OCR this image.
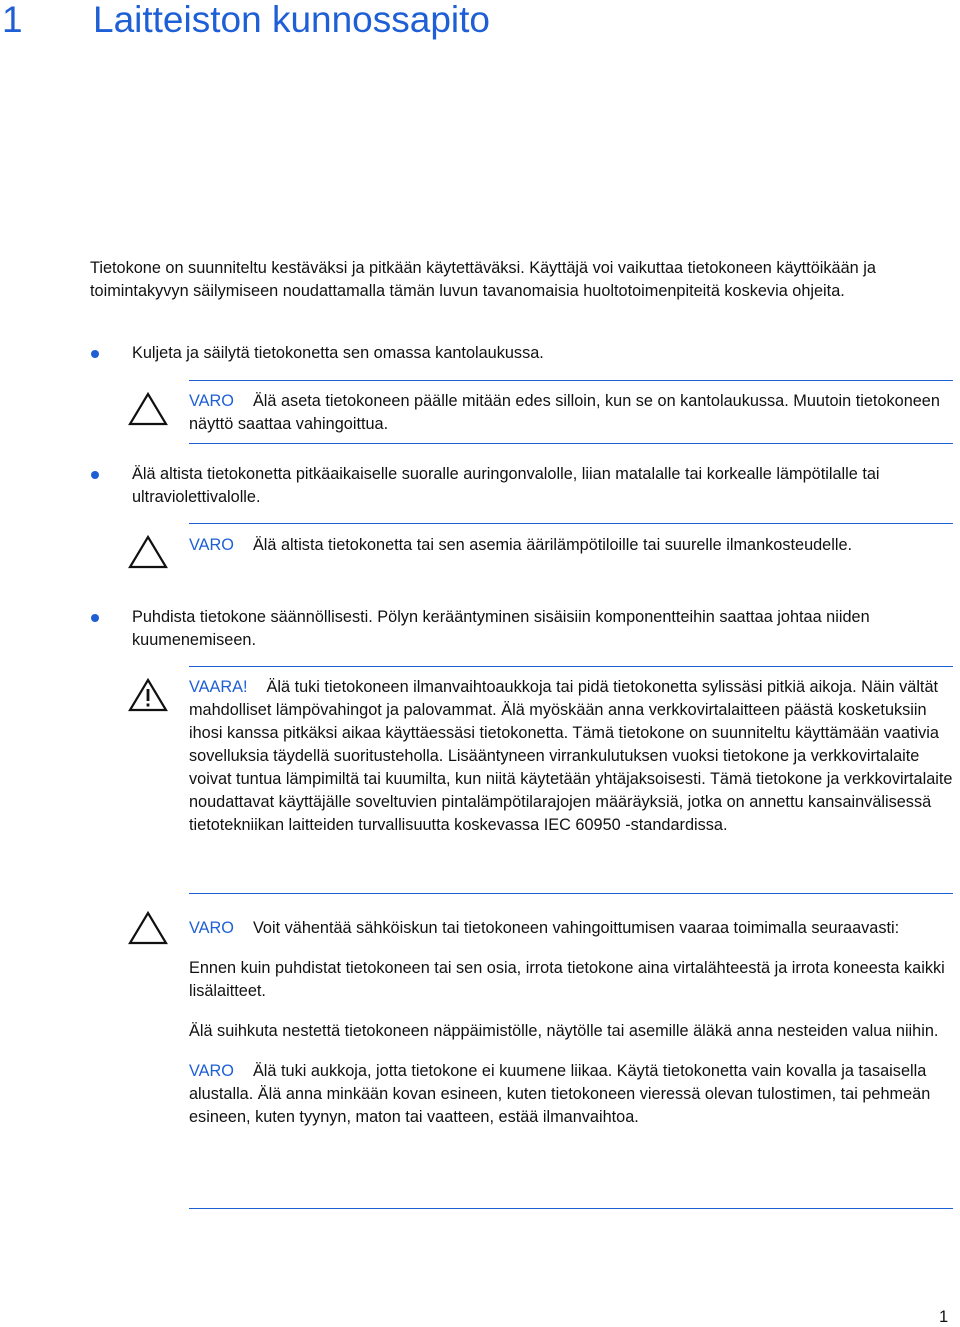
1 Laitteiston kunnossapito

Tietokone on suunniteltu kestäväksi ja pitkään käytettäväksi. Käyttäjä voi vaikuttaa tietokoneen käyttöikään ja toimintakyvyn säilymiseen noudattamalla tämän luvun tavanomaisia huoltotoimenpiteitä koskevia ohjeita.

Kuljeta ja säilytä tietokonetta sen omassa kantolaukussa.

VARO Älä aseta tietokoneen päälle mitään edes silloin, kun se on kantolaukussa. Muutoin tietokoneen näyttö saattaa vahingoittua.

Älä altista tietokonetta pitkäaikaiselle suoralle auringonvalolle, liian matalalle tai korkealle lämpötilalle tai ultraviolettivalolle.

VARO Älä altista tietokonetta tai sen asemia äärilämpötiloille tai suurelle ilmankosteudelle.

Puhdista tietokone säännöllisesti. Pölyn kerääntyminen sisäisiin komponentteihin saattaa johtaa niiden kuumenemiseen.

VAARA! Älä tuki tietokoneen ilmanvaihtoaukkoja tai pidä tietokonetta sylissäsi pitkiä aikoja. Näin vältät mahdolliset lämpövahingot ja palovammat. Älä myöskään anna verkkovirtalaitteen päästä kosketuksiin ihosi kanssa pitkäksi aikaa käyttäessäsi tietokonetta. Tämä tietokone on suunniteltu käyttämään vaativia sovelluksia täydellä suoritusteholla. Lisääntyneen virrankulutuksen vuoksi tietokone ja verkkovirtalaite voivat tuntua lämpimiltä tai kuumilta, kun niitä käytetään yhtäjaksoisesti. Tämä tietokone ja verkkovirtalaite noudattavat käyttäjälle soveltuvien pintalämpötilarajojen määräyksiä, jotka on annettu kansainvälisessä tietotekniikan laitteiden turvallisuutta koskevassa IEC 60950 -standardissa.

VARO Voit vähentää sähköiskun tai tietokoneen vahingoittumisen vaaraa toimimalla seuraavasti:

Ennen kuin puhdistat tietokoneen tai sen osia, irrota tietokone aina virtalähteestä ja irrota koneesta kaikki lisälaitteet.

Älä suihkuta nestettä tietokoneen näppäimistölle, näytölle tai asemille äläkä anna nesteiden valua niihin.

VARO Älä tuki aukkoja, jotta tietokone ei kuumene liikaa. Käytä tietokonetta vain kovalla ja tasaisella alustalla. Älä anna minkään kovan esineen, kuten tietokoneen vieressä olevan tulostimen, tai pehmeän esineen, kuten tyynyn, maton tai vaatteen, estää ilmanvaihtoa.

1
